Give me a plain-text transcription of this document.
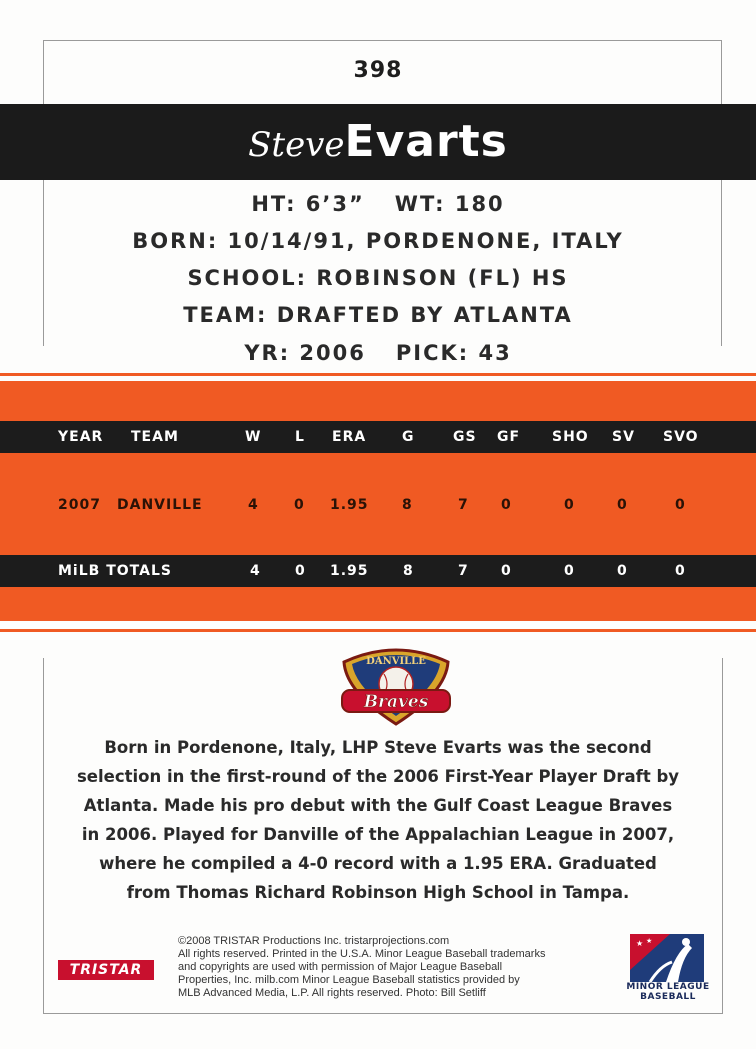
398
SteveEvarts
HT: 6’3” WT: 180
BORN: 10/14/91, PORDENONE, ITALY
SCHOOL: ROBINSON (FL) HS
TEAM: DRAFTED BY ATLANTA
YR: 2006 PICK: 43
YEAR TEAM	W L ERA	G	GS GF SHO SV SVO
2007 DANVILLE	4	0 1.95 8	7 0	0	0	0
MiLB TOTALS	4 0 1.95 8	7 0	0	0	0
DANVILLE
Braves
Born in Pordenone, Italy, LHP Steve Evarts was the second
selection in the first-round of the 2006 First-Year Player Draft by
Atlanta. Made his pro debut with the Gulf Coast League Braves
in 2006. Played for Danville of the Appalachian League in 2007,
where he compiled a 4-0 record with a 1.95 ERA. Graduated
from Thomas Richard Robinson High School in Tampa.
TRISTAR
©2008 TRISTAR Productions Inc. tristarprojections.com
All rights reserved. Printed in the U.S.A. Minor League Baseball trademarks
and copyrights are used with permission of Major League Baseball
Properties, Inc. milb.com Minor League Baseball statistics provided by
MLB Advanced Media, L.P. All rights reserved. Photo: Bill Setliff
★ ★
MINOR LEAGUE
BASEBALL
